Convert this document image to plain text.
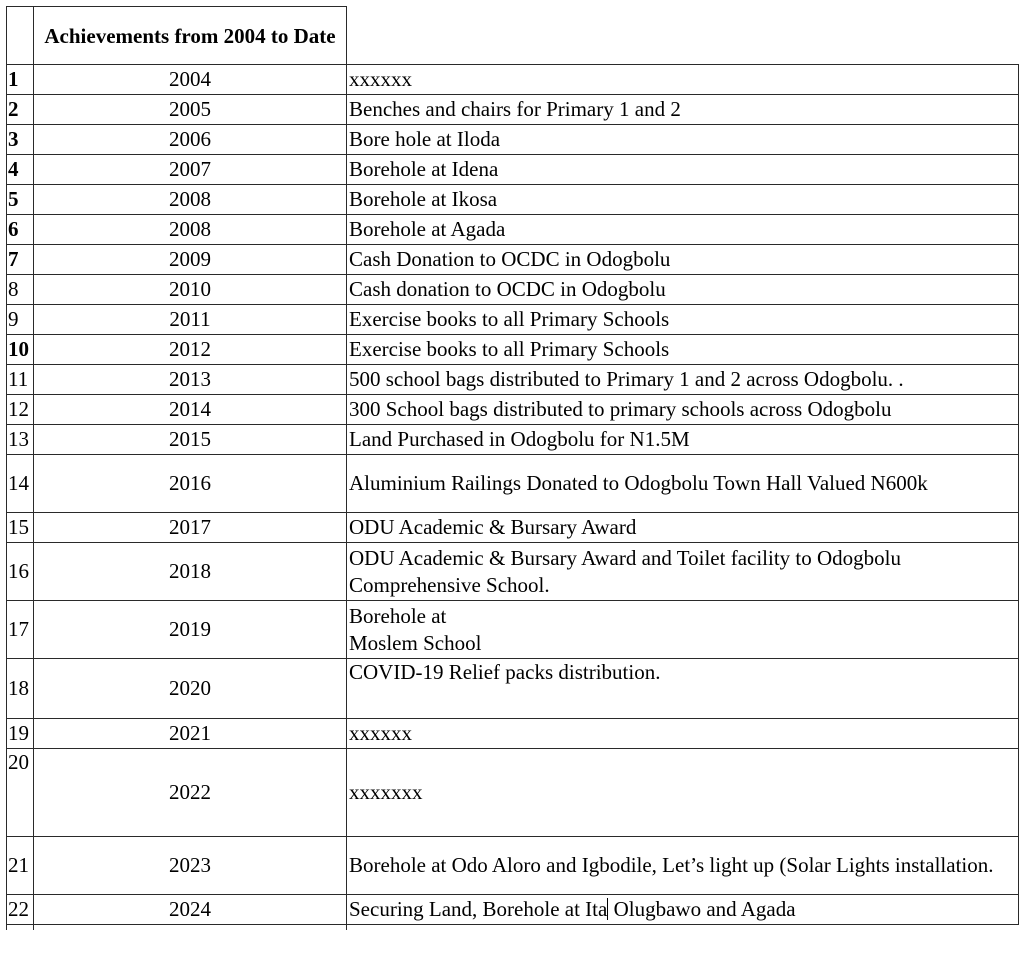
	Achievements from 2004 to Date	
1	2004	xxxxxx
2	2005	Benches and chairs for Primary 1 and 2
3	2006	Bore hole at Iloda
4	2007	Borehole at Idena
5	2008	Borehole at Ikosa
6	2008	Borehole at Agada
7	2009	Cash Donation to OCDC in Odogbolu
8	2010	Cash donation to OCDC in Odogbolu
9	2011	Exercise books to all Primary Schools
10	2012	Exercise books to all Primary Schools
11	2013	500 school bags distributed to Primary 1 and 2 across Odogbolu. .
12	2014	300 School bags distributed to primary schools across Odogbolu
13	2015	Land Purchased in Odogbolu for N1.5M
14	2016	Aluminium Railings Donated to Odogbolu Town Hall Valued N600k
15	2017	ODU Academic & Bursary Award
16	2018	ODU Academic & Bursary Award and Toilet facility to Odogbolu Comprehensive School.
17	2019	Borehole at
Moslem School
18	2020	COVID-19 Relief packs distribution.
19	2021	xxxxxx
20	2022	xxxxxxx
21	2023	Borehole at Odo Aloro and Igbodile, Let’s light up (Solar Lights installation.
22	2024	Securing Land, Borehole at Ita Olugbawo and Agada
